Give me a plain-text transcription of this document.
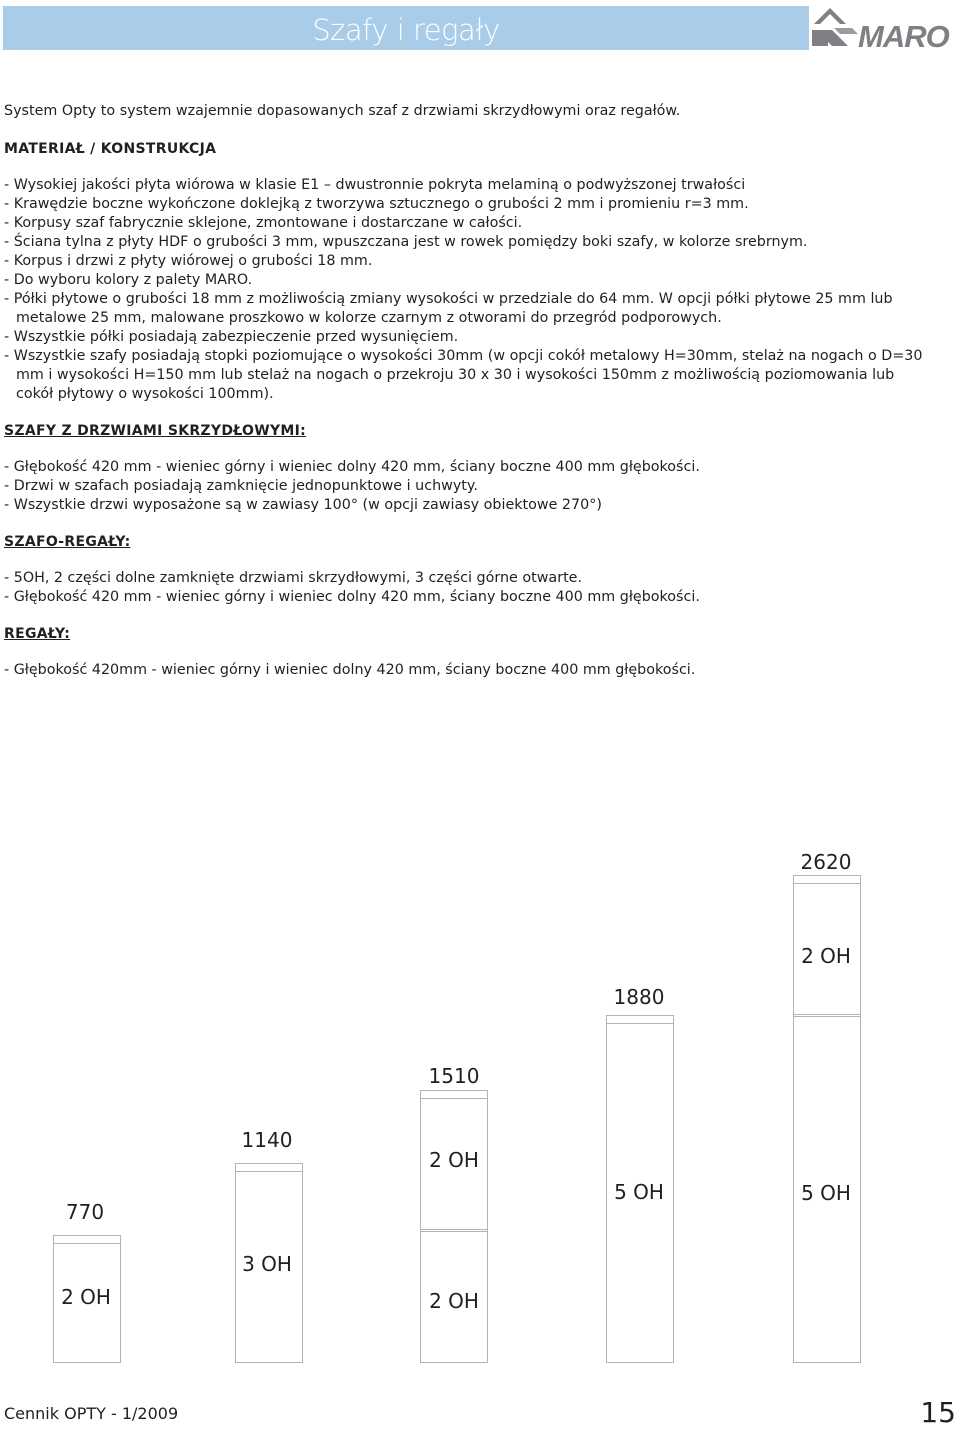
Szafy i regały	MARO

System Opty to system wzajemnie dopasowanych szaf z drzwiami skrzydłowymi oraz regałów.

MATERIAŁ / KONSTRUKCJA
- Wysokiej jakości płyta wiórowa w klasie E1 – dwustronnie pokryta melaminą o podwyższonej trwałości
- Krawędzie boczne wykończone doklejką z tworzywa sztucznego o grubości 2 mm i promieniu r=3 mm.
- Korpusy szaf fabrycznie sklejone, zmontowane i dostarczane w całości.
- Ściana tylna z płyty HDF o grubości 3 mm, wpuszczana jest w rowek pomiędzy boki szafy, w kolorze srebrnym.
- Korpus i drzwi z płyty wiórowej o grubości 18 mm.
- Do wyboru kolory z palety MARO.
- Półki płytowe o grubości 18 mm z możliwością zmiany wysokości w przedziale do 64 mm. W opcji półki płytowe 25 mm lub metalowe 25 mm, malowane proszkowo w kolorze czarnym z otworami do przegród podporowych.
- Wszystkie półki posiadają zabezpieczenie przed wysunięciem.
- Wszystkie szafy posiadają stopki poziomujące o wysokości 30mm (w opcji cokół metalowy H=30mm, stelaż na nogach o D=30 mm i wysokości H=150 mm lub stelaż na nogach o przekroju 30 x 30 i wysokości 150mm z możliwością poziomowania lub cokół płytowy o wysokości 100mm).
SZAFY Z DRZWIAMI SKRZYDŁOWYMI:
- Głębokość 420 mm - wieniec górny i wieniec dolny 420 mm, ściany boczne 400 mm głębokości.
- Drzwi w szafach posiadają zamknięcie jednopunktowe i uchwyty.
- Wszystkie drzwi wyposażone są w zawiasy 100° (w opcji zawiasy obiektowe 270°)
SZAFO-REGAŁY:
- 5OH, 2 części dolne zamknięte drzwiami skrzydłowymi, 3 części górne otwarte.
- Głębokość 420 mm - wieniec górny i wieniec dolny 420 mm, ściany boczne 400 mm głębokości.
REGAŁY:
- Głębokość 420mm - wieniec górny i wieniec dolny 420 mm, ściany boczne 400 mm głębokości.
770
2 OH
1140
3 OH
1510
2 OH
2 OH
1880
5 OH
2620
2 OH
5 OH
Cennik OPTY - 1/2009	15
